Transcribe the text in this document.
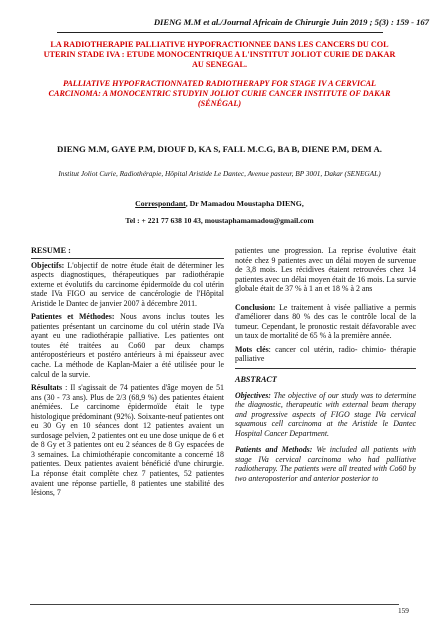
DIENG M.M et al./Journal Africain de Chirurgie Juin 2019 ; 5(3) : 159 - 167

LA RADIOTHERAPIE PALLIATIVE HYPOFRACTIONNEE DANS LES CANCERS DU COL UTERIN STADE IVA : ETUDE MONOCENTRIQUE A L'INSTITUT JOLIOT CURIE DE DAKAR AU SENEGAL.

PALLIATIVE HYPOFRACTIONNATED RADIOTHERAPY FOR STAGE IV A CERVICAL CARCINOMA: A MONOCENTRIC STUDYIN JOLIOT CURIE CANCER INSTITUTE OF DAKAR (SÉNÉGAL)

DIENG M.M, GAYE P.M, DIOUF D, KA S, FALL M.C.G, BA B, DIENE P.M, DEM A.

Institut Joliot Curie, Radiothérapie, Hôpital Aristide Le Dantec, Avenue pasteur, BP 3001, Dakar (SENEGAL)

Correspondant, Dr Mamadou Moustapha DIENG,

Tel : + 221 77 638 10 43, moustaphamamadou@gmail.com

RESUME :

Objectifs: L'objectif de notre étude était de déterminer les aspects diagnostiques, thérapeutiques par radiothérapie externe et évolutifs du carcinome épidermoïde du col utérin stade IVa FIGO au service de cancérologie de l'Hôpital Aristide le Dantec de janvier 2007 à décembre 2011.

Patientes et Méthodes: Nous avons inclus toutes les patientes présentant un carcinome du col utérin stade IVa ayant eu une radiothérapie palliative. Les patientes ont toutes été traitées au Co60 par deux champs antéropostérieurs et postéro antérieurs à mi épaisseur avec cache. La méthode de Kaplan-Maier a été utilisée pour le calcul de la survie.

Résultats : Il s'agissait de 74 patientes d'âge moyen de 51 ans (30 - 73 ans). Plus de 2/3 (68,9 %) des patientes étaient anémiées. Le carcinome épidermoïde était le type histologique prédominant (92%). Soixante-neuf patientes ont eu 30 Gy en 10 séances dont 12 patientes avaient un surdosage pelvien, 2 patientes ont eu une dose unique de 6 et de 8 Gy et 3 patientes ont eu 2 séances de 8 Gy espacées de 3 semaines. La chimiothérapie concomitante a concerné 18 patientes. Deux patientes avaient bénéficié d'une chirurgie. La réponse était complète chez 7 patientes, 52 patientes avaient une réponse partielle, 8 patientes une stabilité des lésions, 7

patientes une progression. La reprise évolutive était notée chez 9 patientes avec un délai moyen de survenue de 3,8 mois. Les récidives étaient retrouvées chez 14 patientes avec un délai moyen était de 16 mois. La survie globale était de 37 % à 1 an et 18 % à 2 ans

Conclusion: Le traitement à visée palliative a permis d'améliorer dans 80 % des cas le contrôle local de la tumeur. Cependant, le pronostic restait défavorable avec un taux de mortalité de 65 % à la première année.

Mots clés: cancer col utérin, radio- chimio- thérapie palliative

ABSTRACT

Objectives: The objective of our study was to determine the diagnostic, therapeutic with external beam therapy and progressive aspects of FIGO stage IVa cervical squamous cell carcinoma at the Aristide le Dantec Hospital Cancer Department.

Patients and Methods: We included all patients with stage IVa cervical carcinoma who had palliative radiotherapy. The patients were all treated with Co60 by two anteroposterior and anterior posterior to

159
